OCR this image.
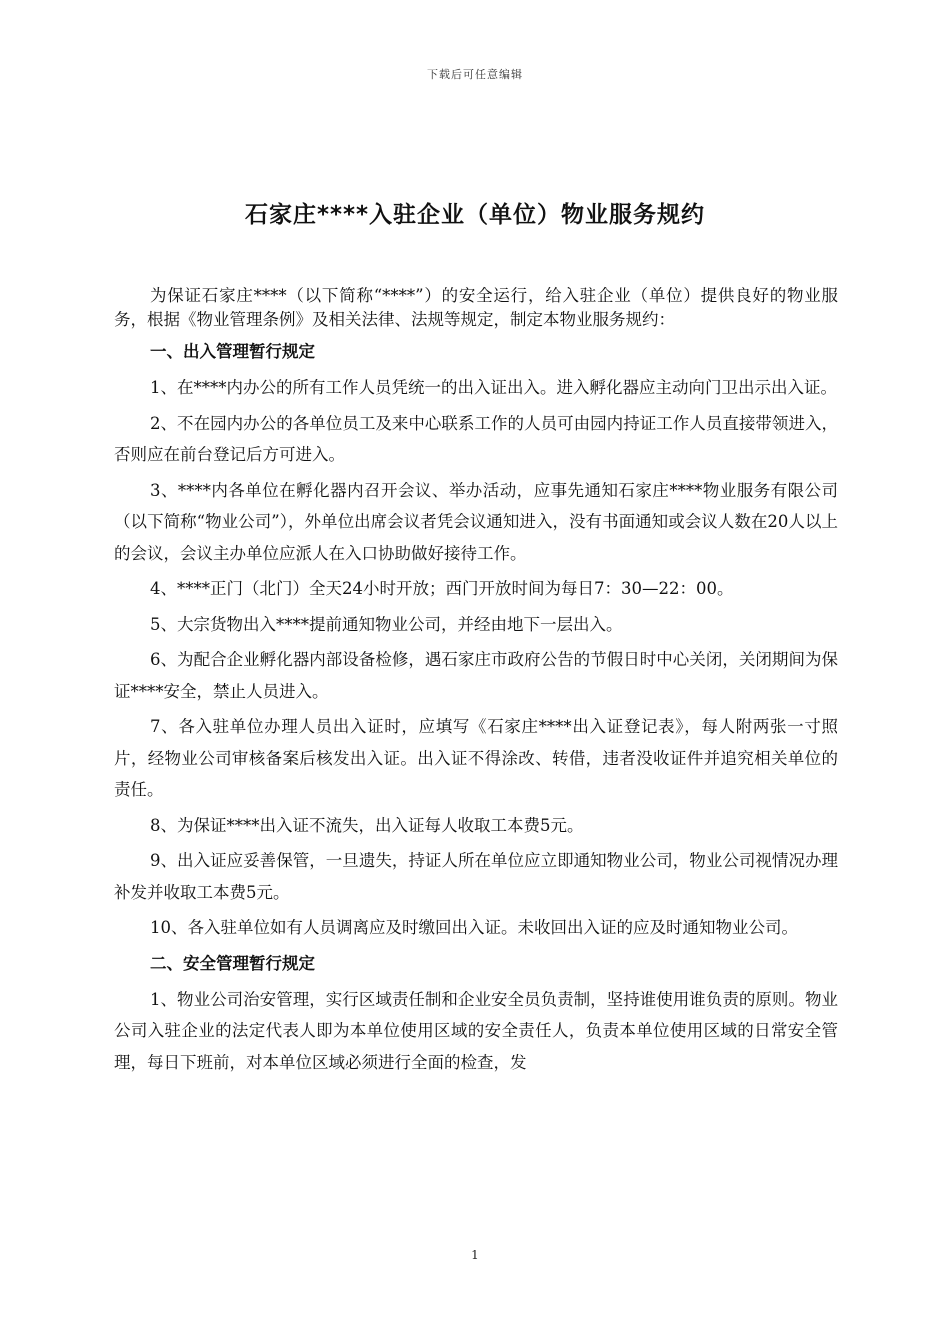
下载后可任意编辑
石家庄****入驻企业（单位）物业服务规约

为保证石家庄****（以下简称“****”）的安全运行，给入驻企业（单位）提供良好的物业服务，根据《物业管理条例》及相关法律、法规等规定，制定本物业服务规约：

一、出入管理暂行规定

1、在****内办公的所有工作人员凭统一的出入证出入。进入孵化器应主动向门卫出示出入证。

2、不在园内办公的各单位员工及来中心联系工作的人员可由园内持证工作人员直接带领进入，否则应在前台登记后方可进入。

3、****内各单位在孵化器内召开会议、举办活动，应事先通知石家庄****物业服务有限公司（以下简称“物业公司”），外单位出席会议者凭会议通知进入，没有书面通知或会议人数在20人以上的会议，会议主办单位应派人在入口协助做好接待工作。

4、****正门（北门）全天24小时开放；西门开放时间为每日7：30—22：00。

5、大宗货物出入****提前通知物业公司，并经由地下一层出入。

6、为配合企业孵化器内部设备检修，遇石家庄市政府公告的节假日时中心关闭，关闭期间为保证****安全，禁止人员进入。

7、各入驻单位办理人员出入证时，应填写《石家庄****出入证登记表》，每人附两张一寸照片，经物业公司审核备案后核发出入证。出入证不得涂改、转借，违者没收证件并追究相关单位的责任。

8、为保证****出入证不流失，出入证每人收取工本费5元。

9、出入证应妥善保管，一旦遗失，持证人所在单位应立即通知物业公司，物业公司视情况办理补发并收取工本费5元。

10、各入驻单位如有人员调离应及时缴回出入证。未收回出入证的应及时通知物业公司。

二、安全管理暂行规定

1、物业公司治安管理，实行区域责任制和企业安全员负责制，坚持谁使用谁负责的原则。物业公司入驻企业的法定代表人即为本单位使用区域的安全责任人，负责本单位使用区域的日常安全管理，每日下班前，对本单位区域必须进行全面的检查，发

1
